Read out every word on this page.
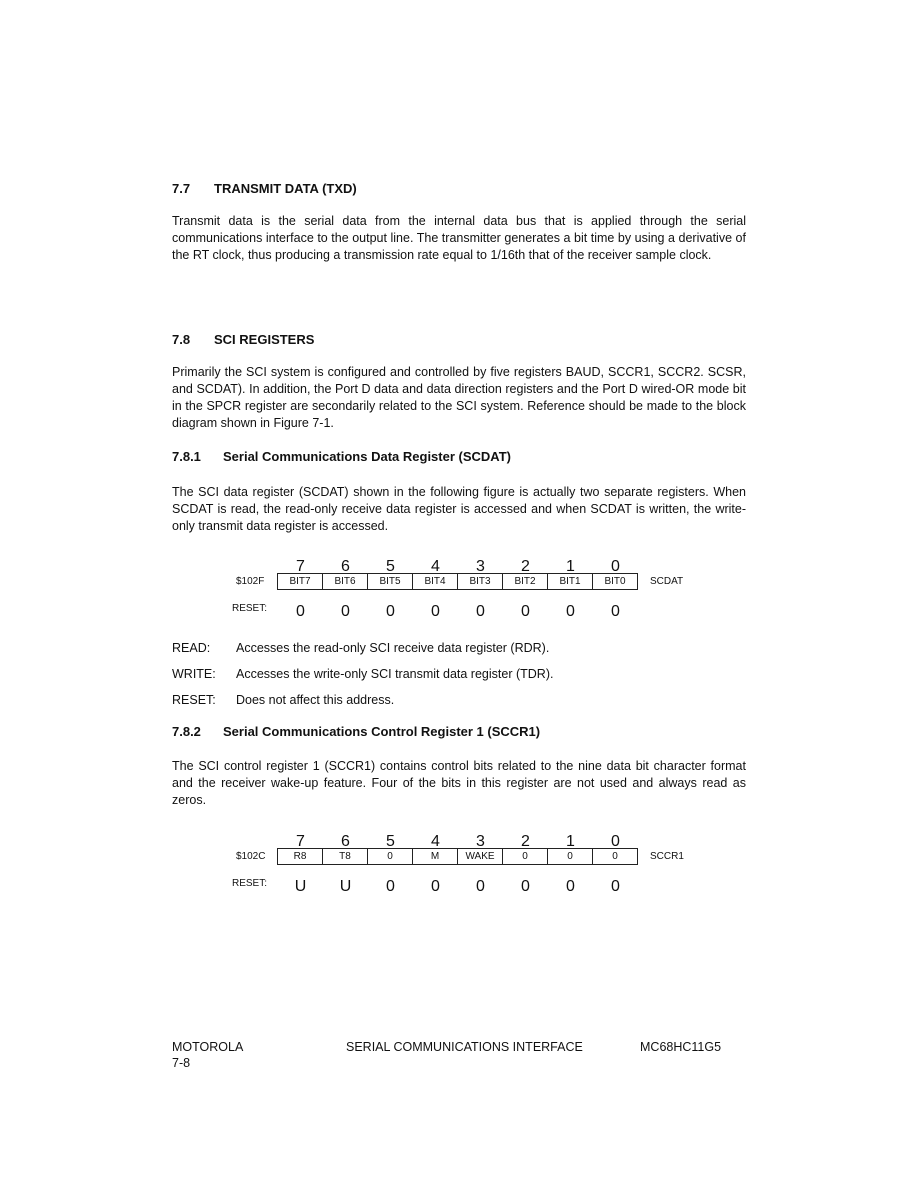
7.7 TRANSMIT DATA (TXD)

Transmit data is the serial data from the internal data bus that is applied through the serial communications interface to the output line. The transmitter generates a bit time by using a derivative of the RT clock, thus producing a transmission rate equal to 1/16th that of the receiver sample clock.

7.8 SCI REGISTERS

Primarily the SCI system is configured and controlled by five registers BAUD, SCCR1, SCCR2. SCSR, and SCDAT). In addition, the Port D data and data direction registers and the Port D wired-OR mode bit in the SPCR register are secondarily related to the SCI system. Reference should be made to the block diagram shown in Figure 7-1.

7.8.1 Serial Communications Data Register (SCDAT)

The SCI data register (SCDAT) shown in the following figure is actually two separate registers. When SCDAT is read, the read-only receive data register is accessed and when SCDAT is written, the write-only transmit data register is accessed.

7	6	5	4	3	2	1	0
$102F	BIT7	BIT6	BIT5	BIT4	BIT3	BIT2	BIT1	BIT0	SCDAT
RESET:	0	0	0	0	0	0	0	0

READ: Accesses the read-only SCI receive data register (RDR).

WRITE: Accesses the write-only SCI transmit data register (TDR).

RESET: Does not affect this address.

7.8.2 Serial Communications Control Register 1 (SCCR1)

The SCI control register 1 (SCCR1) contains control bits related to the nine data bit character format and the receiver wake-up feature. Four of the bits in this register are not used and always read as zeros.

7	6	5	4	3	2	1	0
$102C	R8	T8	0	M	WAKE	0	0	0	SCCR1
RESET:	U	U	0	0	0	0	0	0
MOTOROLA
7-8
SERIAL COMMUNICATIONS INTERFACE	MC68HC11G5
